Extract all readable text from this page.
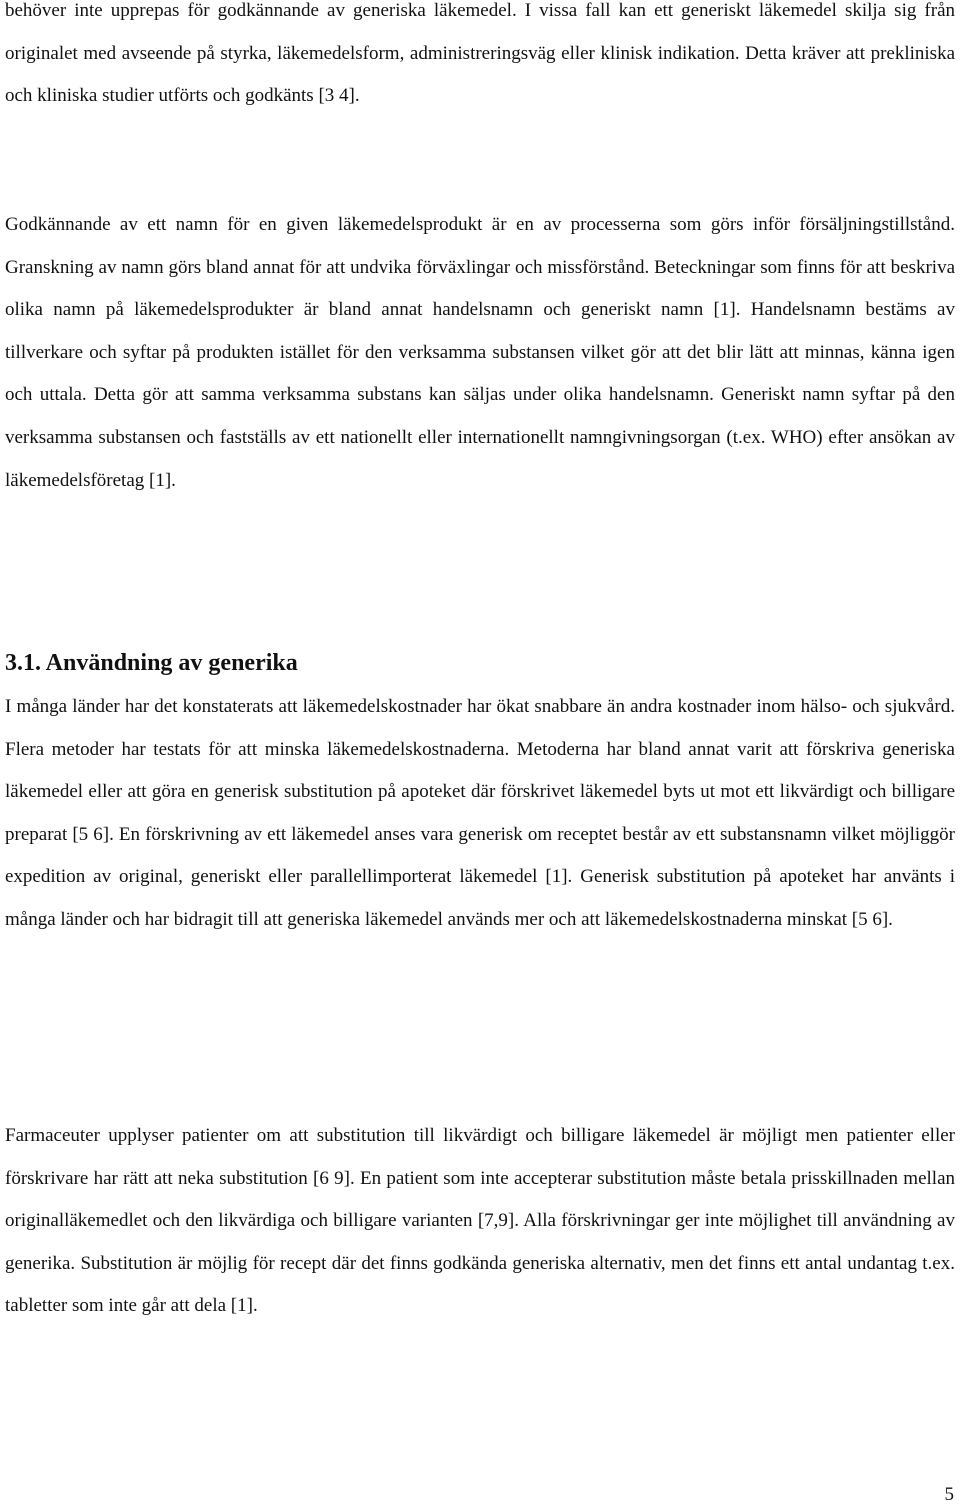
behöver inte upprepas för godkännande av generiska läkemedel. I vissa fall kan ett generiskt läkemedel skilja sig från originalet med avseende på styrka, läkemedelsform, administreringsväg eller klinisk indikation. Detta kräver att prekliniska och kliniska studier utförts och godkänts [3 4].

Godkännande av ett namn för en given läkemedelsprodukt är en av processerna som görs inför försäljningstillstånd. Granskning av namn görs bland annat för att undvika förväxlingar och missförstånd. Beteckningar som finns för att beskriva olika namn på läkemedelsprodukter är bland annat handelsnamn och generiskt namn [1]. Handelsnamn bestäms av tillverkare och syftar på produkten istället för den verksamma substansen vilket gör att det blir lätt att minnas, känna igen och uttala. Detta gör att samma verksamma substans kan säljas under olika handelsnamn. Generiskt namn syftar på den verksamma substansen och fastställs av ett nationellt eller internationellt namngivningsorgan (t.ex. WHO) efter ansökan av läkemedelsföretag [1].

3.1. Användning av generika

I många länder har det konstaterats att läkemedelskostnader har ökat snabbare än andra kostnader inom hälso- och sjukvård. Flera metoder har testats för att minska läkemedelskostnaderna. Metoderna har bland annat varit att förskriva generiska läkemedel eller att göra en generisk substitution på apoteket där förskrivet läkemedel byts ut mot ett likvärdigt och billigare preparat [5 6]. En förskrivning av ett läkemedel anses vara generisk om receptet består av ett substansnamn vilket möjliggör expedition av original, generiskt eller parallellimporterat läkemedel [1]. Generisk substitution på apoteket har använts i många länder och har bidragit till att generiska läkemedel används mer och att läkemedelskostnaderna minskat [5 6].

Farmaceuter upplyser patienter om att substitution till likvärdigt och billigare läkemedel är möjligt men patienter eller förskrivare har rätt att neka substitution [6 9]. En patient som inte accepterar substitution måste betala prisskillnaden mellan originalläkemedlet och den likvärdiga och billigare varianten [7,9]. Alla förskrivningar ger inte möjlighet till användning av generika. Substitution är möjlig för recept där det finns godkända generiska alternativ, men det finns ett antal undantag t.ex. tabletter som inte går att dela [1].

5
